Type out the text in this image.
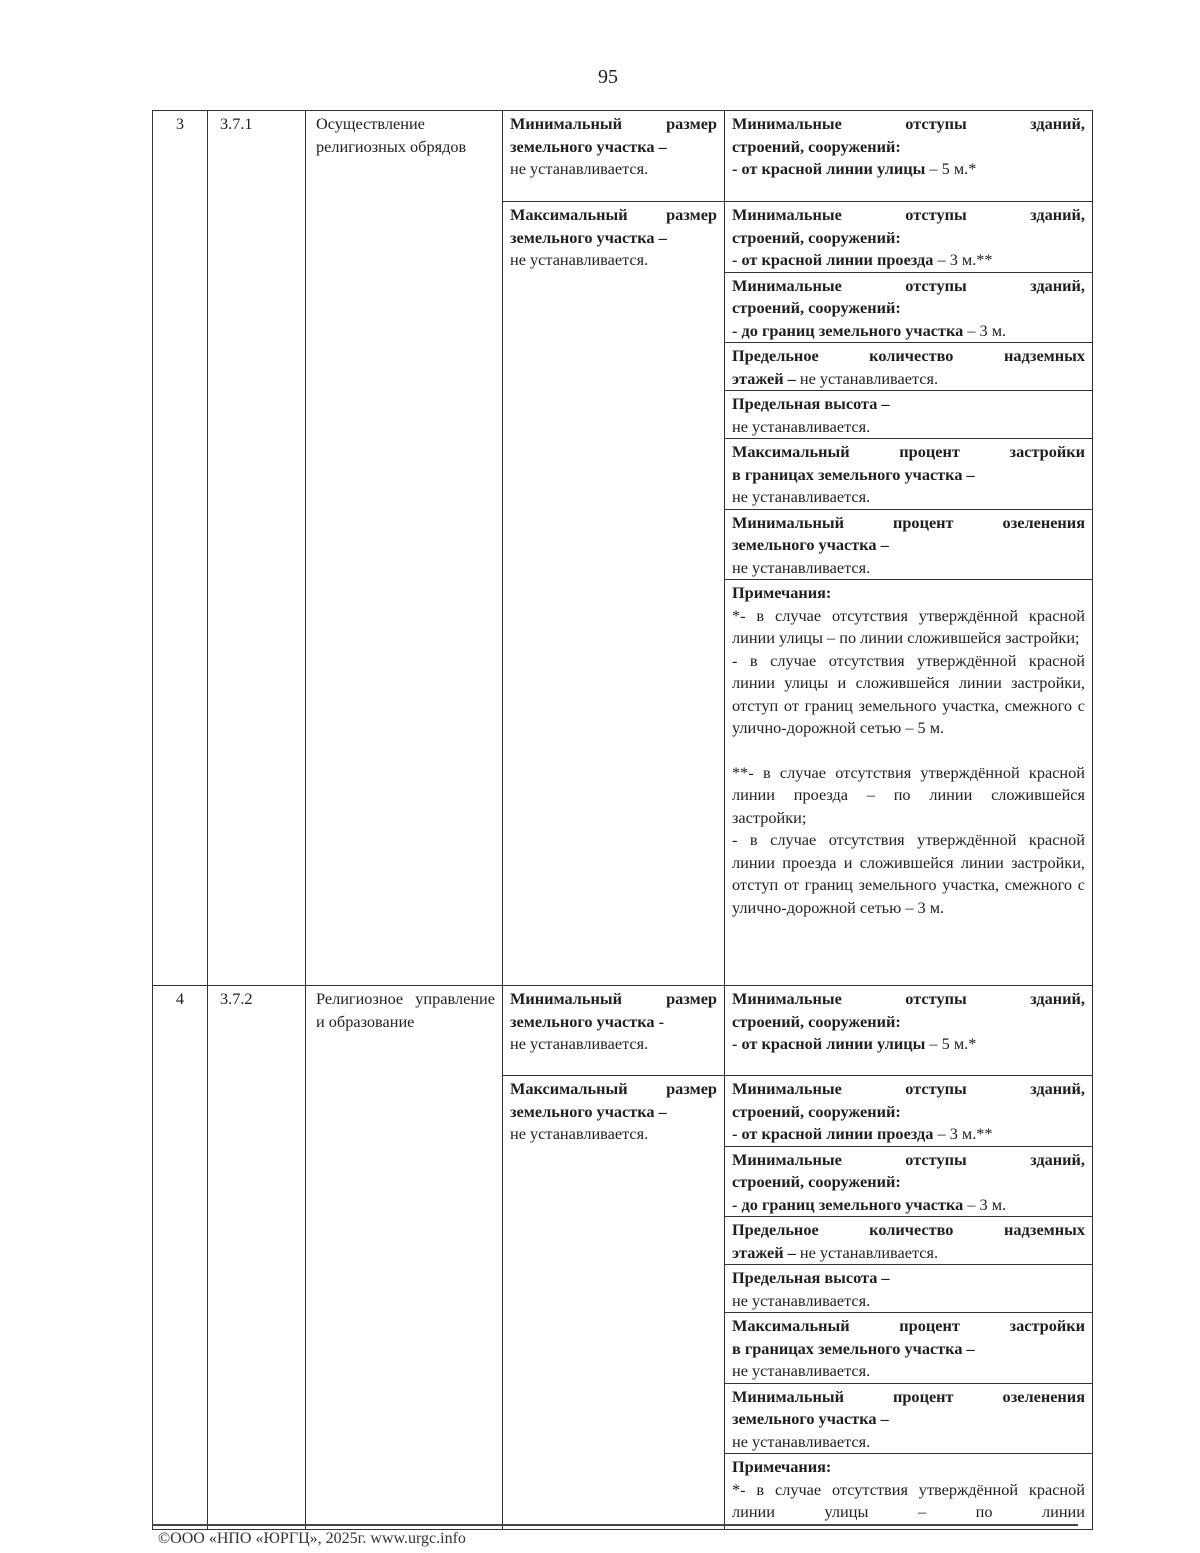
95
3	3.7.1	Осуществление религиозных обрядов	Минимальный размер земельного участка –
не устанавливается.	Минимальные отступы зданий,
строений, сооружений:
- от красной линии улицы – 5 м.*

			Максимальный размер земельного участка –
не устанавливается.	Минимальные отступы зданий,
строений, сооружений:
- от красной линии проезда – 3 м.**

				Минимальные отступы зданий,
строений, сооружений:
- до границ земельного участка – 3 м.

				Предельное количество надземных
этажей – не устанавливается.

				Предельная высота –
не устанавливается.

				Максимальный процент застройки
в границах земельного участка –
не устанавливается.

				Минимальный процент озеленения
земельного участка –
не устанавливается.

				Примечания:
*- в случае отсутствия утверждённой красной линии улицы – по линии сложившейся застройки;
- в случае отсутствия утверждённой красной линии улицы и сложившейся линии застройки, отступ от границ земельного участка, смежного с улично-дорожной сетью – 5 м.
**- в случае отсутствия утверждённой красной линии проезда – по линии сложившейся застройки;
- в случае отсутствия утверждённой красной линии проезда и сложившейся линии застройки, отступ от границ земельного участка, смежного с улично-дорожной сетью – 3 м.

4	3.7.2	Религиозное управление и образование	Минимальный размер земельного участка -
не устанавливается.	Минимальные отступы зданий,
строений, сооружений:
- от красной линии улицы – 5 м.*

			Максимальный размер земельного участка –
не устанавливается.	Минимальные отступы зданий,
строений, сооружений:
- от красной линии проезда – 3 м.**

				Минимальные отступы зданий,
строений, сооружений:
- до границ земельного участка – 3 м.

				Предельное количество надземных
этажей – не устанавливается.

				Предельная высота –
не устанавливается.

				Максимальный процент застройки
в границах земельного участка –
не устанавливается.

				Минимальный процент озеленения
земельного участка –
не устанавливается.

				Примечания:
*- в случае отсутствия утверждённой красной линии улицы – по линии
©ООО «НПО «ЮРГЦ», 2025г. www.urgc.info
